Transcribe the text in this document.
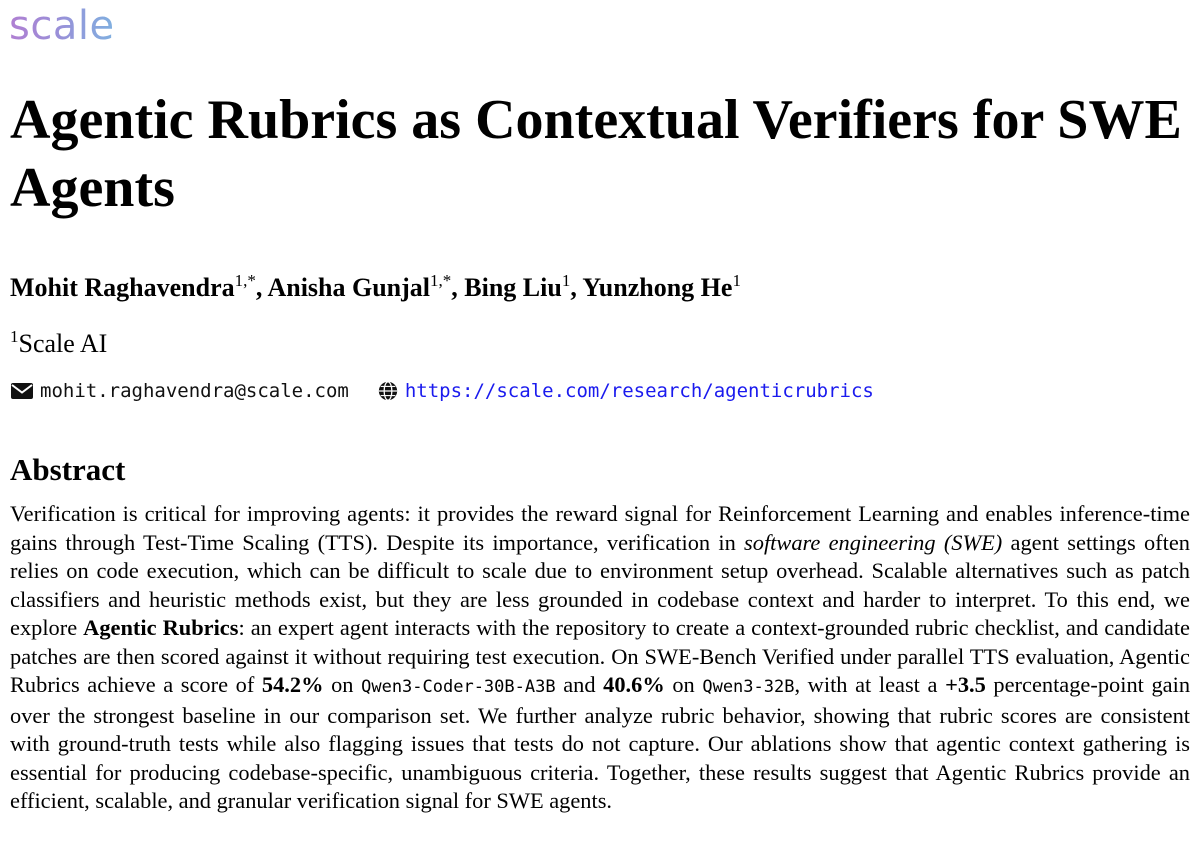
scale
Agentic Rubrics as Contextual Verifiers for SWE Agents
Mohit Raghavendra$^{1,*}$, Anisha Gunjal$^{1,*}$, Bing Liu$^1$, Yunzhong He$^1$
$^1$Scale AI
mohit.raghavendra@scale.com	https://scale.com/research/agenticrubrics
Abstract

Verification is critical for improving agents: it provides the reward signal for Reinforcement Learning and enables inference-time gains through Test-Time Scaling (TTS). Despite its importance, verification in software engineering (SWE) agent settings often relies on code execution, which can be difficult to scale due to environment setup overhead. Scalable alternatives such as patch classifiers and heuristic methods exist, but they are less grounded in codebase context and harder to interpret. To this end, we explore Agentic Rubrics: an expert agent interacts with the repository to create a context-grounded rubric checklist, and candidate patches are then scored against it without requiring test execution. On SWE-Bench Verified under parallel TTS evaluation, Agentic Rubrics achieve a score of 54.2% on Qwen3-Coder-30B-A3B and 40.6% on Qwen3-32B, with at least a +3.5 percentage-point gain over the strongest baseline in our comparison set. We further analyze rubric behavior, showing that rubric scores are consistent with ground-truth tests while also flagging issues that tests do not capture. Our ablations show that agentic context gathering is essential for producing codebase-specific, unambiguous criteria. Together, these results suggest that Agentic Rubrics provide an efficient, scalable, and granular verification signal for SWE agents.
